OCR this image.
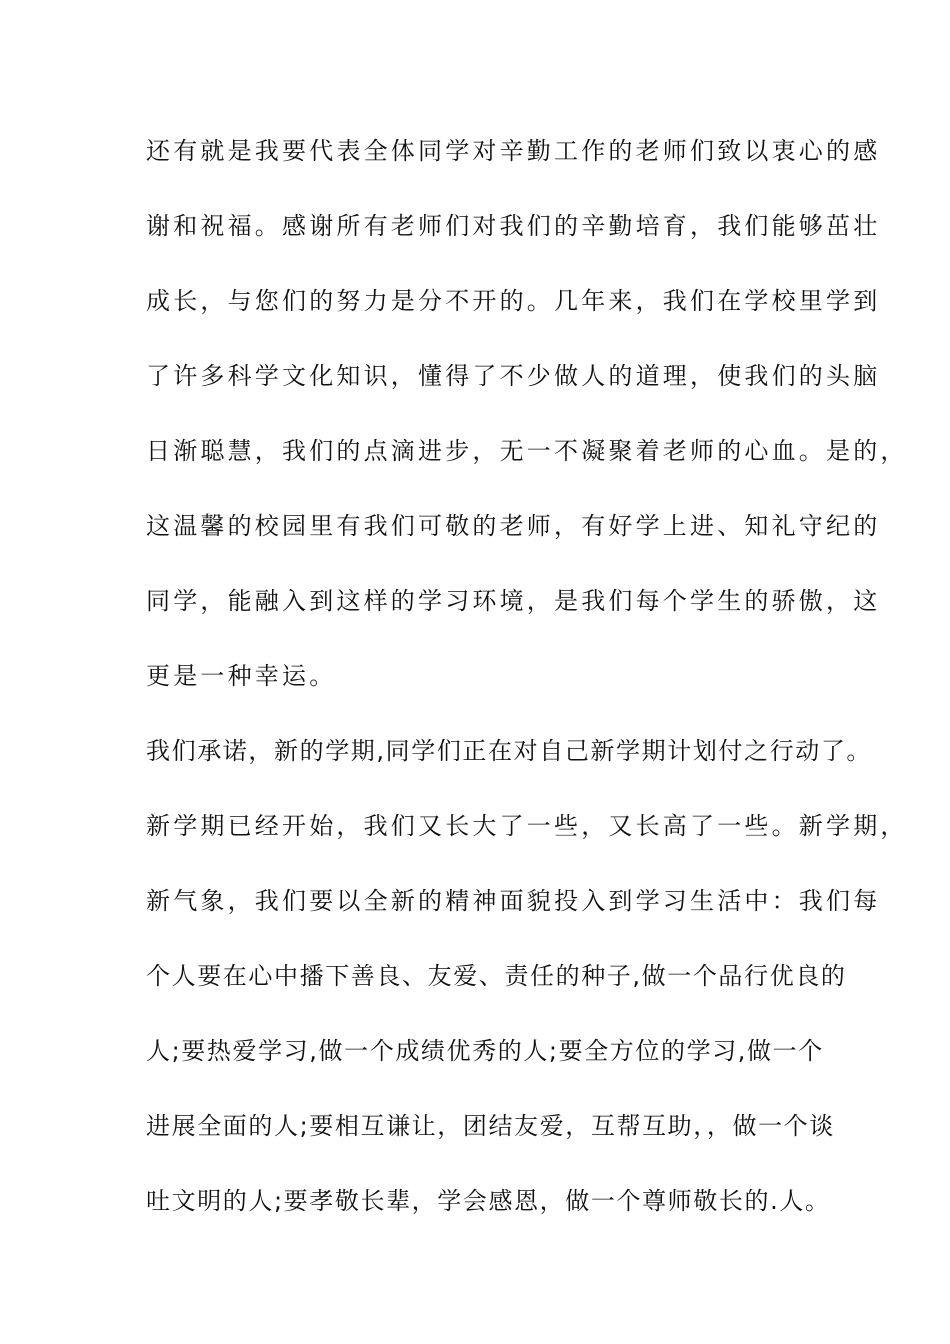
还有就是我要代表全体同学对辛勤工作的老师们致以衷心的感
谢和祝福。感谢所有老师们对我们的辛勤培育，我们能够茁壮
成长，与您们的努力是分不开的。几年来，我们在学校里学到
了许多科学文化知识，懂得了不少做人的道理，使我们的头脑
日渐聪慧，我们的点滴进步，无一不凝聚着老师的心血。是的，
这温馨的校园里有我们可敬的老师，有好学上进、知礼守纪的
同学，能融入到这样的学习环境，是我们每个学生的骄傲，这
更是一种幸运。
我们承诺，新的学期,同学们正在对自己新学期计划付之行动了。
新学期已经开始，我们又长大了一些，又长高了一些。新学期，
新气象，我们要以全新的精神面貌投入到学习生活中：我们每
个人要在心中播下善良、友爱、责任的种子,做一个品行优良的
人;要热爱学习,做一个成绩优秀的人;要全方位的学习,做一个
进展全面的人;要相互谦让，团结友爱，互帮互助，，做一个谈
吐文明的人;要孝敬长辈，学会感恩，做一个尊师敬长的.人。
